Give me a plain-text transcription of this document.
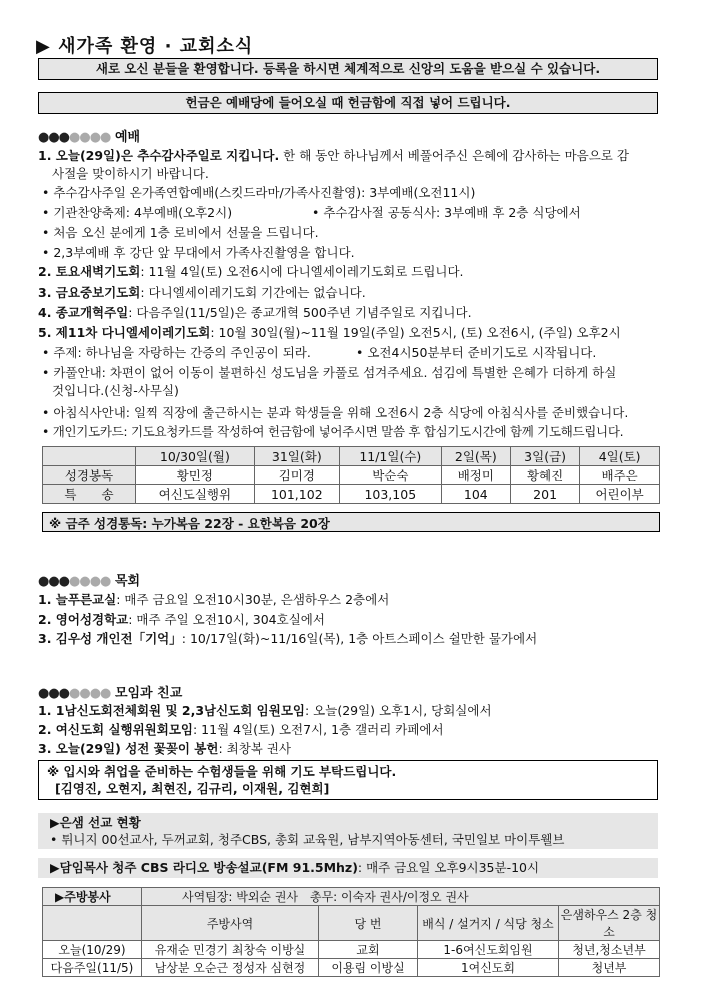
▶ 새가족 환영 · 교회소식
새로 오신 분들을 환영합니다. 등록을 하시면 체계적으로 신앙의 도움을 받으실 수 있습니다.
헌금은 예배당에 들어오실 때 헌금함에 직접 넣어 드립니다.
●●●●●●● 예배
1. 오늘(29일)은 추수감사주일로 지킵니다. 한 해 동안 하나님께서 베풀어주신 은혜에 감사하는 마음으로 감
사절을 맞이하시기 바랍니다.
• 추수감사주일 온가족연합예배(스킷드라마/가족사진촬영): 3부예배(오전11시)
• 기관찬양축제: 4부예배(오후2시)	• 추수감사절 공동식사: 3부예배 후 2층 식당에서
• 처음 오신 분에게 1층 로비에서 선물을 드립니다.
• 2,3부예배 후 강단 앞 무대에서 가족사진촬영을 합니다.
2. 토요새벽기도회: 11월 4일(토) 오전6시에 다니엘세이레기도회로 드립니다.
3. 금요중보기도회: 다니엘세이레기도회 기간에는 없습니다.
4. 종교개혁주일: 다음주일(11/5일)은 종교개혁 500주년 기념주일로 지킵니다.
5. 제11차 다니엘세이레기도회: 10월 30일(월)~11월 19일(주일) 오전5시, (토) 오전6시, (주일) 오후2시
• 주제: 하나님을 자랑하는 간증의 주인공이 되라.	• 오전4시50분부터 준비기도로 시작됩니다.
• 카풀안내: 차편이 없어 이동이 불편하신 성도님을 카풀로 섬겨주세요. 섬김에 특별한 은혜가 더하게 하실
것입니다.(신청-사무실)
• 아침식사안내: 일찍 직장에 출근하시는 분과 학생들을 위해 오전6시 2층 식당에 아침식사를 준비했습니다.
• 개인기도카드: 기도요청카드를 작성하여 헌금함에 넣어주시면 말씀 후 합심기도시간에 함께 기도해드립니다.
	10/30일(월)	31일(화)	11/1일(수)	2일(목)	3일(금)	4일(토)
성경봉독	황민정	김미경	박순숙	배정미	황혜진	배주은
특　　송	여신도실행위	101,102	103,105	104	201	어린이부
※ 금주 성경통독: 누가복음 22장 - 요한복음 20장
●●●●●●● 목회
1. 늘푸른교실: 매주 금요일 오전10시30분, 은샘하우스 2층에서
2. 영어성경학교: 매주 주일 오전10시, 304호실에서
3. 김우성 개인전「기억」: 10/17일(화)~11/16일(목), 1층 아트스페이스 쉴만한 물가에서
●●●●●●● 모임과 친교
1. 1남신도회전체회원 및 2,3남신도회 임원모임: 오늘(29일) 오후1시, 당회실에서
2. 여신도회 실행위원회모임: 11월 4일(토) 오전7시, 1층 갤러리 카페에서
3. 오늘(29일) 성전 꽃꽂이 봉헌: 최창복 권사
※ 입시와 취업을 준비하는 수험생들을 위해 기도 부탁드립니다.
[김영진, 오현지, 최현진, 김규리, 이재원, 김현희]
▶은샘 선교 현황
• 튀니지 00선교사, 두꺼교회, 청주CBS, 총회 교육원, 남부지역아동센터, 국민일보 마이투웰브
▶담임목사 청주 CBS 라디오 방송설교(FM 91.5Mhz): 매주 금요일 오후9시35분-10시
▶주방봉사	사역팀장: 박외순 권사　총무: 이숙자 권사/이정오 권사			
	주방사역	당 번	배식 / 설거지 / 식당 청소	은샘하우스 2층 청소
오늘(10/29)	유재순 민경기 최창숙 이방실	교회	1-6여신도회임원	청년,청소년부
다음주일(11/5)	남상분 오순근 정성자 심현정	이용림 이방실	1여신도회	청년부
